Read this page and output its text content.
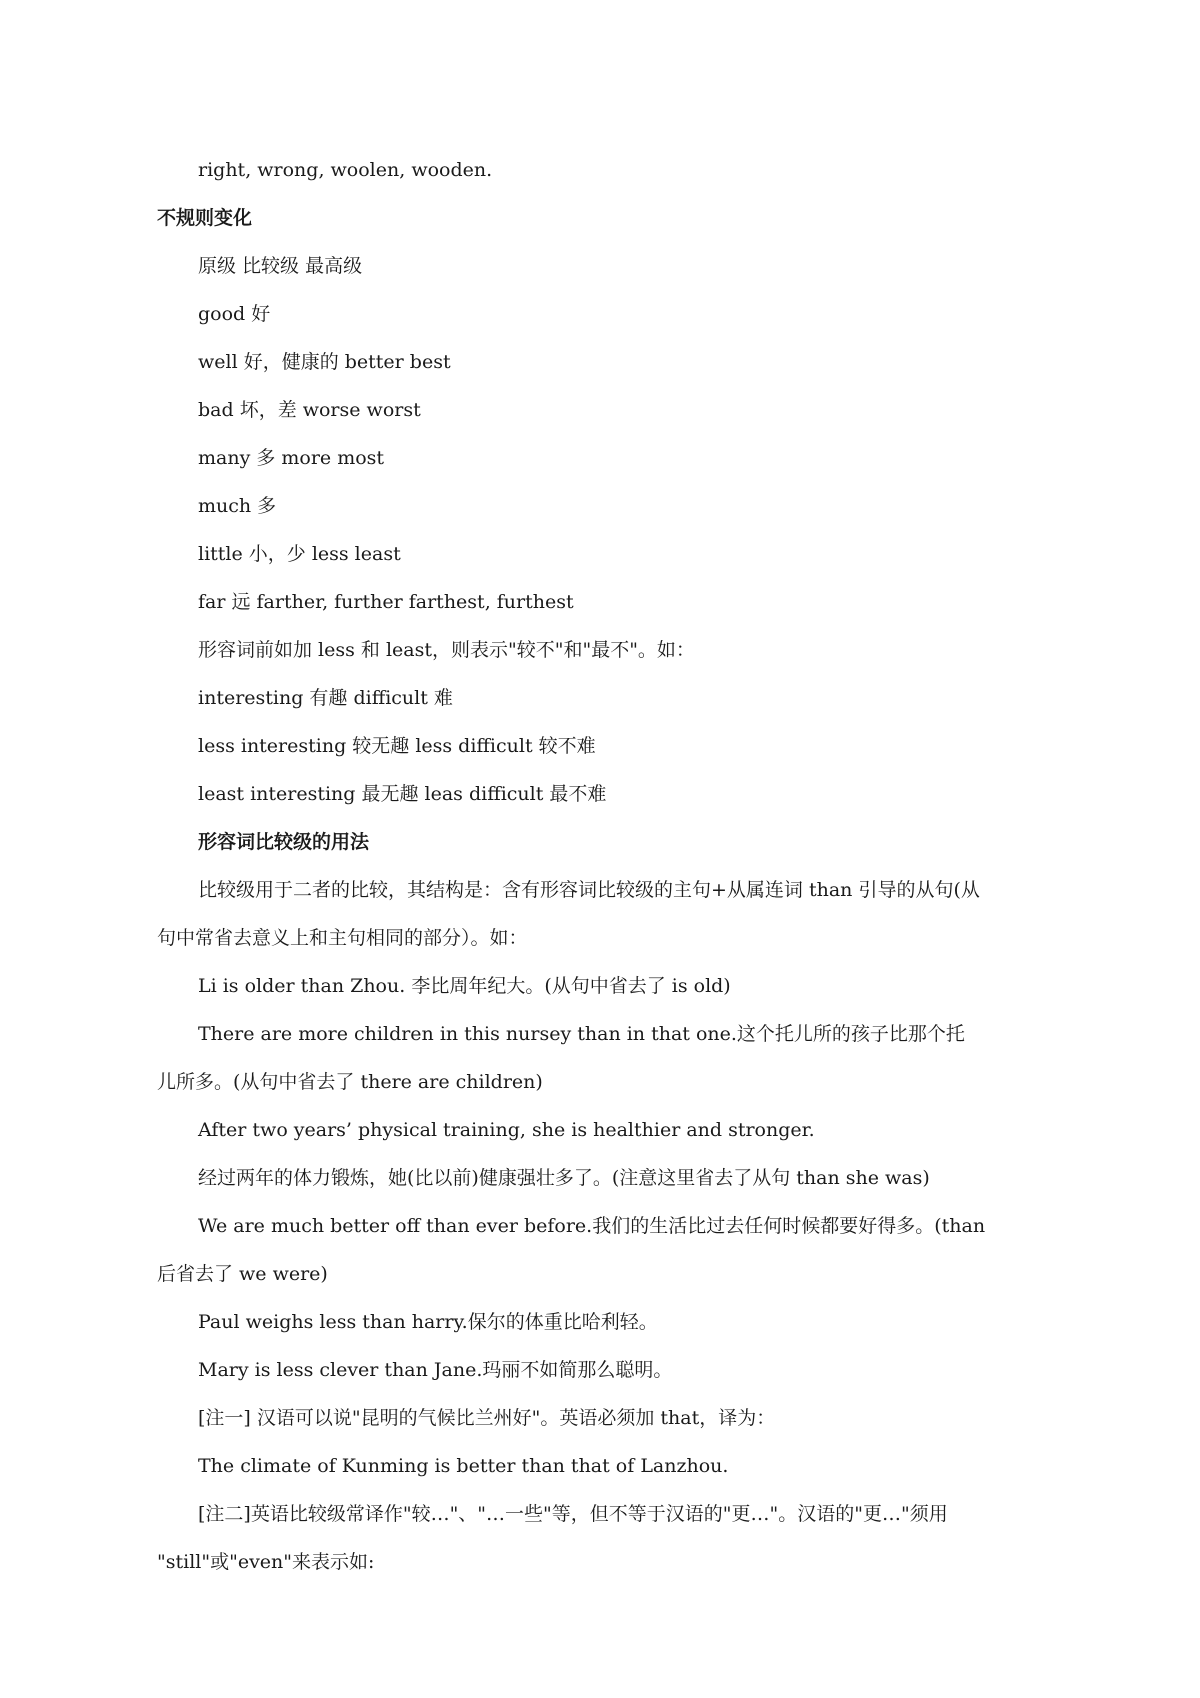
right, wrong, woolen, wooden.
不规则变化
原级 比较级 最高级
good 好
well 好，健康的 better best
bad 坏，差 worse worst
many 多 more most
much 多
little 小，少 less least
far 远 farther, further farthest, furthest
形容词前如加 less 和 least，则表示"较不"和"最不"。如：
interesting 有趣 difficult 难
less interesting 较无趣 less difficult 较不难
least interesting 最无趣 leas difficult 最不难
形容词比较级的用法
比较级用于二者的比较，其结构是：含有形容词比较级的主句+从属连词 than 引导的从句(从
句中常省去意义上和主句相同的部分）。如：
Li is older than Zhou. 李比周年纪大。(从句中省去了 is old)
There are more children in this nursey than in that one.这个托儿所的孩子比那个托
儿所多。(从句中省去了 there are children)
After two years’ physical training, she is healthier and stronger.
经过两年的体力锻炼，她(比以前)健康强壮多了。(注意这里省去了从句 than she was)
We are much better off than ever before.我们的生活比过去任何时候都要好得多。(than
后省去了 we were)
Paul weighs less than harry.保尔的体重比哈利轻。
Mary is less clever than Jane.玛丽不如简那么聪明。
[注一] 汉语可以说"昆明的气候比兰州好"。英语必须加 that，译为：
The climate of Kunming is better than that of Lanzhou.
[注二]英语比较级常译作"较…"、"…一些"等，但不等于汉语的"更…"。汉语的"更…"须用
"still"或"even"来表示如:
